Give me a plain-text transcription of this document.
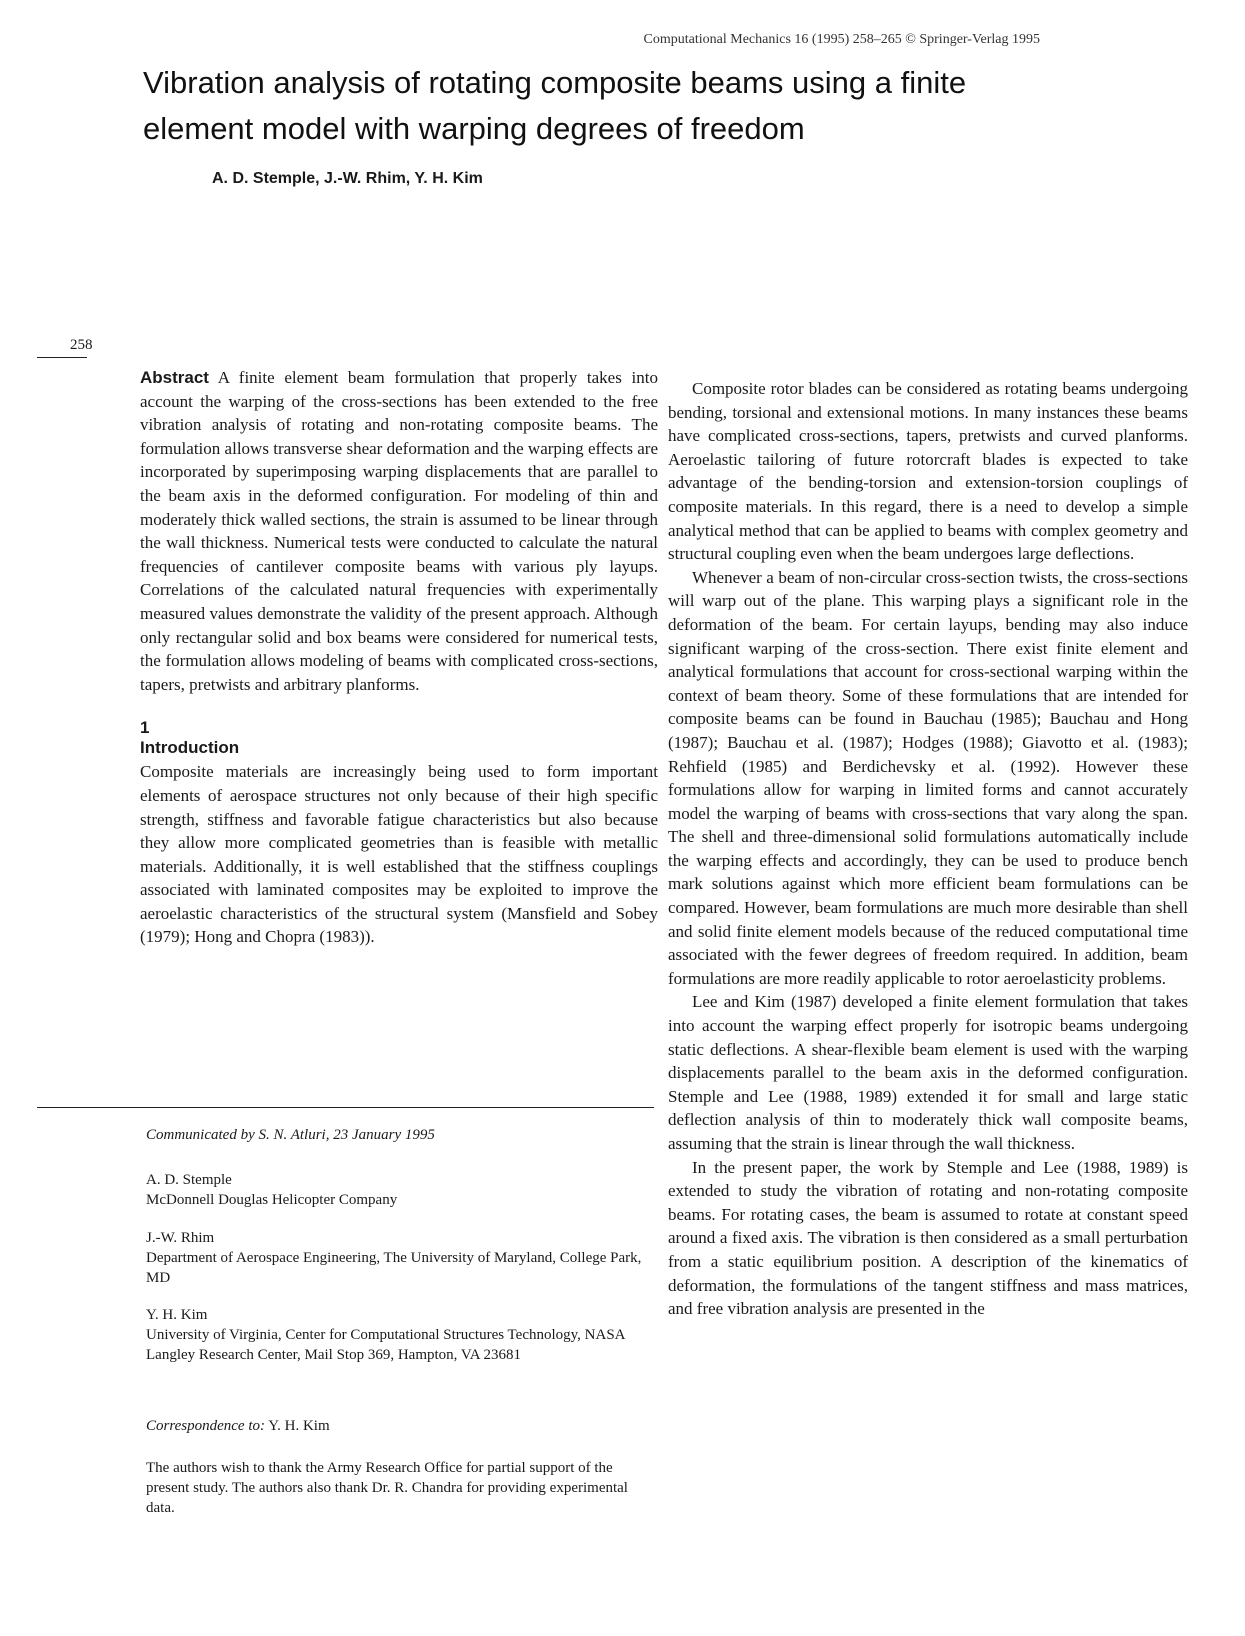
Computational Mechanics 16 (1995) 258–265 © Springer-Verlag 1995
Vibration analysis of rotating composite beams using a finite
element model with warping degrees of freedom
A. D. Stemple, J.-W. Rhim, Y. H. Kim
258

Abstract A finite element beam formulation that properly takes into account the warping of the cross-sections has been extended to the free vibration analysis of rotating and non-rotating composite beams. The formulation allows transverse shear deformation and the warping effects are incorporated by superimposing warping displacements that are parallel to the beam axis in the deformed configuration. For modeling of thin and moderately thick walled sections, the strain is assumed to be linear through the wall thickness. Numerical tests were conducted to calculate the natural frequencies of cantilever composite beams with various ply layups. Correlations of the calculated natural frequencies with experimentally measured values demonstrate the validity of the present approach. Although only rectangular solid and box beams were considered for numerical tests, the formulation allows modeling of beams with complicated cross-sections, tapers, pretwists and arbitrary planforms.

1
Introduction

Composite materials are increasingly being used to form important elements of aerospace structures not only because of their high specific strength, stiffness and favorable fatigue characteristics but also because they allow more complicated geometries than is feasible with metallic materials. Additionally, it is well established that the stiffness couplings associated with laminated composites may be exploited to improve the aeroelastic characteristics of the structural system (Mansfield and Sobey (1979); Hong and Chopra (1983)).

Communicated by S. N. Atluri, 23 January 1995

A. D. Stemple

McDonnell Douglas Helicopter Company

J.-W. Rhim

Department of Aerospace Engineering, The University of Maryland, College Park, MD

Y. H. Kim

University of Virginia, Center for Computational Structures Technology, NASA Langley Research Center, Mail Stop 369, Hampton, VA 23681

Correspondence to: Y. H. Kim

The authors wish to thank the Army Research Office for partial support of the present study. The authors also thank Dr. R. Chandra for providing experimental data.

Composite rotor blades can be considered as rotating beams undergoing bending, torsional and extensional motions. In many instances these beams have complicated cross-sections, tapers, pretwists and curved planforms. Aeroelastic tailoring of future rotorcraft blades is expected to take advantage of the bending-torsion and extension-torsion couplings of composite materials. In this regard, there is a need to develop a simple analytical method that can be applied to beams with complex geometry and structural coupling even when the beam undergoes large deflections.

Whenever a beam of non-circular cross-section twists, the cross-sections will warp out of the plane. This warping plays a significant role in the deformation of the beam. For certain layups, bending may also induce significant warping of the cross-section. There exist finite element and analytical formulations that account for cross-sectional warping within the context of beam theory. Some of these formulations that are intended for composite beams can be found in Bauchau (1985); Bauchau and Hong (1987); Bauchau et al. (1987); Hodges (1988); Giavotto et al. (1983); Rehfield (1985) and Berdichevsky et al. (1992). However these formulations allow for warping in limited forms and cannot accurately model the warping of beams with cross-sections that vary along the span. The shell and three-dimensional solid formulations automatically include the warping effects and accordingly, they can be used to produce bench mark solutions against which more efficient beam formulations can be compared. However, beam formulations are much more desirable than shell and solid finite element models because of the reduced computational time associated with the fewer degrees of freedom required. In addition, beam formulations are more readily applicable to rotor aeroelasticity problems.

Lee and Kim (1987) developed a finite element formulation that takes into account the warping effect properly for isotropic beams undergoing static deflections. A shear-flexible beam element is used with the warping displacements parallel to the beam axis in the deformed configuration. Stemple and Lee (1988, 1989) extended it for small and large static deflection analysis of thin to moderately thick wall composite beams, assuming that the strain is linear through the wall thickness.

In the present paper, the work by Stemple and Lee (1988, 1989) is extended to study the vibration of rotating and non-rotating composite beams. For rotating cases, the beam is assumed to rotate at constant speed around a fixed axis. The vibration is then considered as a small perturbation from a static equilibrium position. A description of the kinematics of deformation, the formulations of the tangent stiffness and mass matrices, and free vibration analysis are presented in the
